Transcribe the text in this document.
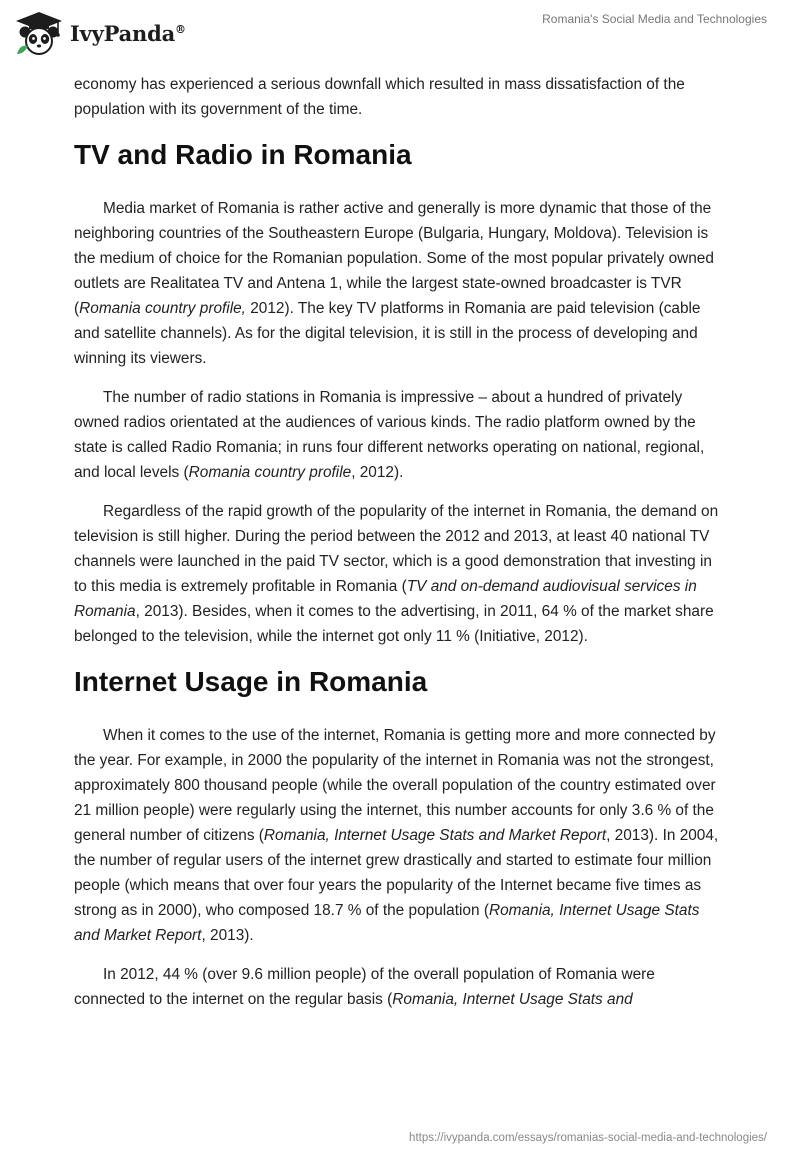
IvyPanda®
Romania's Social Media and Technologies

economy has experienced a serious downfall which resulted in mass dissatisfaction of the population with its government of the time.

TV and Radio in Romania

Media market of Romania is rather active and generally is more dynamic that those of the neighboring countries of the Southeastern Europe (Bulgaria, Hungary, Moldova). Television is the medium of choice for the Romanian population. Some of the most popular privately owned outlets are Realitatea TV and Antena 1, while the largest state-owned broadcaster is TVR (Romania country profile, 2012). The key TV platforms in Romania are paid television (cable and satellite channels). As for the digital television, it is still in the process of developing and winning its viewers.

The number of radio stations in Romania is impressive – about a hundred of privately owned radios orientated at the audiences of various kinds. The radio platform owned by the state is called Radio Romania; in runs four different networks operating on national, regional, and local levels (Romania country profile, 2012).

Regardless of the rapid growth of the popularity of the internet in Romania, the demand on television is still higher. During the period between the 2012 and 2013, at least 40 national TV channels were launched in the paid TV sector, which is a good demonstration that investing in to this media is extremely profitable in Romania (TV and on-demand audiovisual services in Romania, 2013). Besides, when it comes to the advertising, in 2011, 64 % of the market share belonged to the television, while the internet got only 11 % (Initiative, 2012).

Internet Usage in Romania

When it comes to the use of the internet, Romania is getting more and more connected by the year. For example, in 2000 the popularity of the internet in Romania was not the strongest, approximately 800 thousand people (while the overall population of the country estimated over 21 million people) were regularly using the internet, this number accounts for only 3.6 % of the general number of citizens (Romania, Internet Usage Stats and Market Report, 2013). In 2004, the number of regular users of the internet grew drastically and started to estimate four million people (which means that over four years the popularity of the Internet became five times as strong as in 2000), who composed 18.7 % of the population (Romania, Internet Usage Stats and Market Report, 2013).

In 2012, 44 % (over 9.6 million people) of the overall population of Romania were connected to the internet on the regular basis (Romania, Internet Usage Stats and

https://ivypanda.com/essays/romanias-social-media-and-technologies/
